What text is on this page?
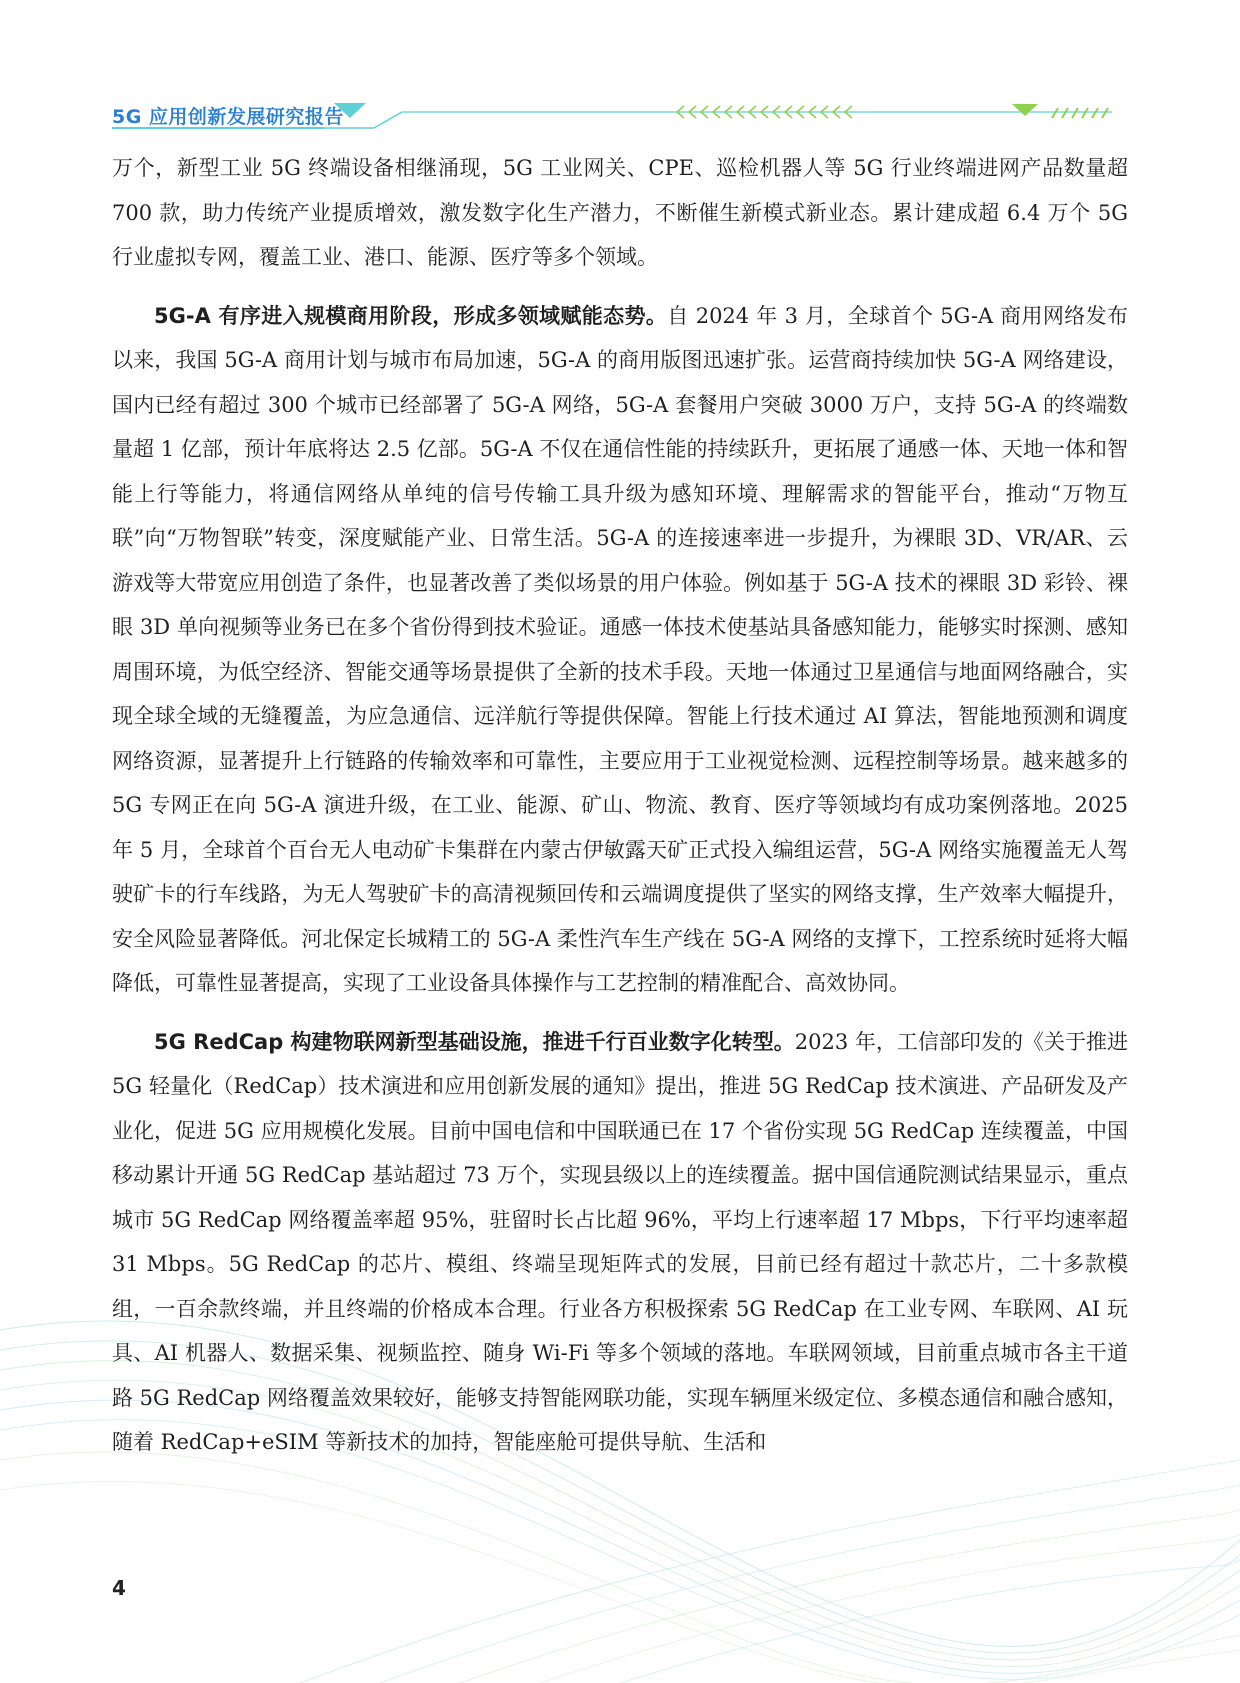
5G 应用创新发展研究报告

万个，新型工业 5G 终端设备相继涌现，5G 工业网关、CPE、巡检机器人等 5G 行业终端进网产品数量超 700 款，助力传统产业提质增效，激发数字化生产潜力，不断催生新模式新业态。累计建成超 6.4 万个 5G 行业虚拟专网，覆盖工业、港口、能源、医疗等多个领域。

5G-A 有序进入规模商用阶段，形成多领域赋能态势。自 2024 年 3 月，全球首个 5G-A 商用网络发布以来，我国 5G-A 商用计划与城市布局加速，5G-A 的商用版图迅速扩张。运营商持续加快 5G-A 网络建设，国内已经有超过 300 个城市已经部署了 5G-A 网络，5G-A 套餐用户突破 3000 万户，支持 5G-A 的终端数量超 1 亿部，预计年底将达 2.5 亿部。5G-A 不仅在通信性能的持续跃升，更拓展了通感一体、天地一体和智能上行等能力，将通信网络从单纯的信号传输工具升级为感知环境、理解需求的智能平台，推动“万物互联”向“万物智联”转变，深度赋能产业、日常生活。5G-A 的连接速率进一步提升，为裸眼 3D、VR/AR、云游戏等大带宽应用创造了条件，也显著改善了类似场景的用户体验。例如基于 5G-A 技术的裸眼 3D 彩铃、裸眼 3D 单向视频等业务已在多个省份得到技术验证。通感一体技术使基站具备感知能力，能够实时探测、感知周围环境，为低空经济、智能交通等场景提供了全新的技术手段。天地一体通过卫星通信与地面网络融合，实现全球全域的无缝覆盖，为应急通信、远洋航行等提供保障。智能上行技术通过 AI 算法，智能地预测和调度网络资源，显著提升上行链路的传输效率和可靠性，主要应用于工业视觉检测、远程控制等场景。越来越多的 5G 专网正在向 5G-A 演进升级，在工业、能源、矿山、物流、教育、医疗等领域均有成功案例落地。2025 年 5 月，全球首个百台无人电动矿卡集群在内蒙古伊敏露天矿正式投入编组运营，5G-A 网络实施覆盖无人驾驶矿卡的行车线路，为无人驾驶矿卡的高清视频回传和云端调度提供了坚实的网络支撑，生产效率大幅提升，安全风险显著降低。河北保定长城精工的 5G-A 柔性汽车生产线在 5G-A 网络的支撑下，工控系统时延将大幅降低，可靠性显著提高，实现了工业设备具体操作与工艺控制的精准配合、高效协同。

5G RedCap 构建物联网新型基础设施，推进千行百业数字化转型。2023 年，工信部印发的《关于推进 5G 轻量化（RedCap）技术演进和应用创新发展的通知》提出，推进 5G RedCap 技术演进、产品研发及产业化，促进 5G 应用规模化发展。目前中国电信和中国联通已在 17 个省份实现 5G RedCap 连续覆盖，中国移动累计开通 5G RedCap 基站超过 73 万个，实现县级以上的连续覆盖。据中国信通院测试结果显示，重点城市 5G RedCap 网络覆盖率超 95%，驻留时长占比超 96%，平均上行速率超 17 Mbps，下行平均速率超 31 Mbps。5G RedCap 的芯片、模组、终端呈现矩阵式的发展，目前已经有超过十款芯片，二十多款模组，一百余款终端，并且终端的价格成本合理。行业各方积极探索 5G RedCap 在工业专网、车联网、AI 玩具、AI 机器人、数据采集、视频监控、随身 Wi-Fi 等多个领域的落地。车联网领域，目前重点城市各主干道路 5G RedCap 网络覆盖效果较好，能够支持智能网联功能，实现车辆厘米级定位、多模态通信和融合感知，随着 RedCap+eSIM 等新技术的加持，智能座舱可提供导航、生活和

4
